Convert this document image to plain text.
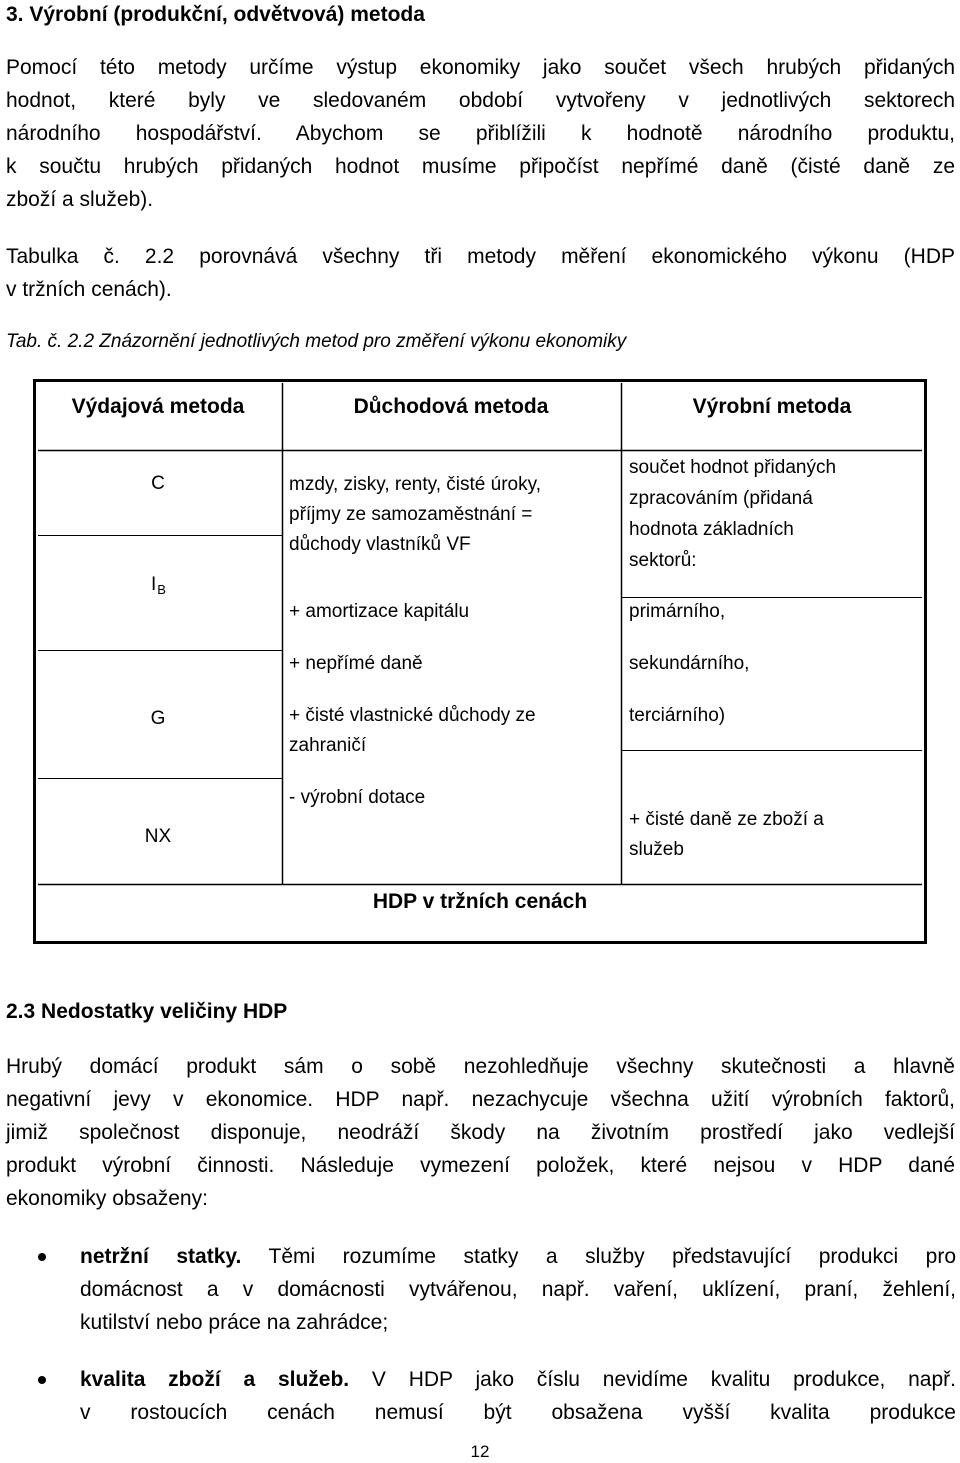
3. Výrobní (produkční, odvětvová) metoda

Pomocí této metody určíme výstup ekonomiky jako součet všech hrubých přidaných
hodnot, které byly ve sledovaném období vytvořeny v jednotlivých sektorech
národního hospodářství. Abychom se přiblížili k hodnotě národního produktu,
k součtu hrubých přidaných hodnot musíme připočíst nepřímé daně (čisté daně ze
zboží a služeb).

Tabulka č. 2.2 porovnává všechny tři metody měření ekonomického výkonu (HDP
v tržních cenách).

Tab. č. 2.2 Znázornění jednotlivých metod pro změření výkonu ekonomiky

Výdajová metoda	Důchodová metoda	Výrobní metoda
C
$I_B$
G
NX
mzdy, zisky, renty, čisté úroky,
příjmy ze samozaměstnání =
důchody vlastníků VF
+ amortizace kapitálu
+ nepřímé daně
+ čisté vlastnické důchody ze
zahraničí
- výrobní dotace
součet hodnot přidaných
zpracováním (přidaná
hodnota základních
sektorů:
primárního,
sekundárního,
terciárního)
+ čisté daně ze zboží a
služeb
HDP v tržních cenách
2.3 Nedostatky veličiny HDP

Hrubý domácí produkt sám o sobě nezohledňuje všechny skutečnosti a hlavně
negativní jevy v ekonomice. HDP např. nezachycuje všechna užití výrobních faktorů,
jimiž společnost disponuje, neodráží škody na životním prostředí jako vedlejší
produkt výrobní činnosti. Následuje vymezení položek, které nejsou v HDP dané
ekonomiky obsaženy:

netržní statky. Těmi rozumíme statky a služby představující produkci pro
domácnost a v domácnosti vytvářenou, např. vaření, uklízení, praní, žehlení,
kutilství nebo práce na zahrádce;

kvalita zboží a služeb. V HDP jako číslu nevidíme kvalitu produkce, např.
v rostoucích cenách nemusí být obsažena vyšší kvalita produkce

12
